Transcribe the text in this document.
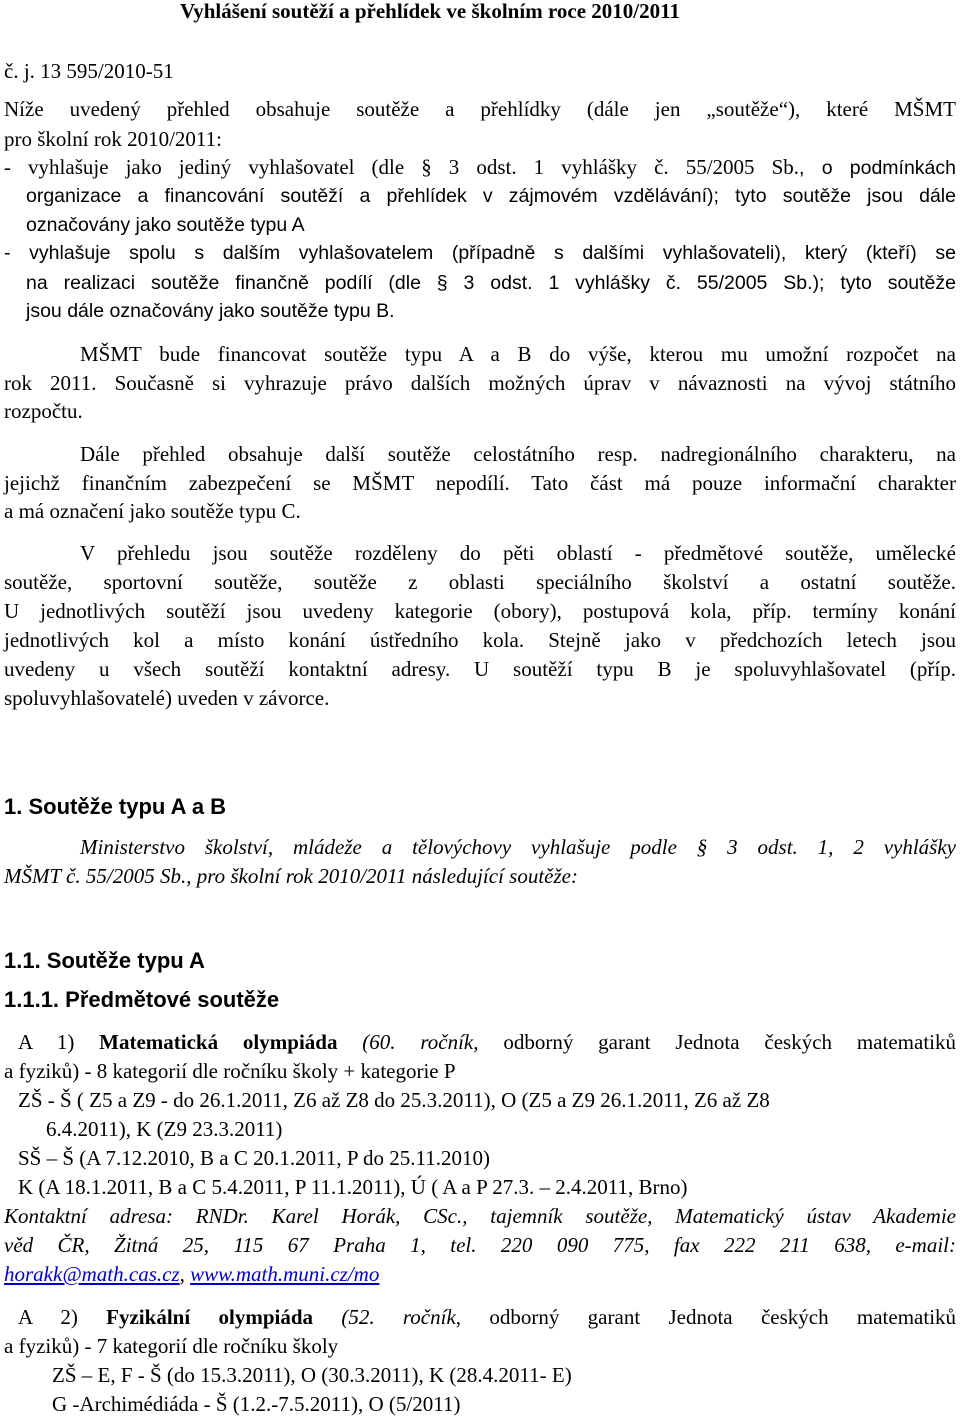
Vyhlášení soutěží a přehlídek ve školním roce 2010/2011
č. j. 13 595/2010-51
Níže uvedený přehled obsahuje soutěže a přehlídky (dále jen „soutěže“), které MŠMT
pro školní rok 2010/2011:
- vyhlašuje jako jediný vyhlašovatel (dle § 3 odst. 1 vyhlášky č. 55/2005 Sb., o podmínkách
organizace a financování soutěží a přehlídek v zájmovém vzdělávání); tyto soutěže jsou dále
označovány jako soutěže typu A
- vyhlašuje spolu s dalším vyhlašovatelem (případně s dalšími vyhlašovateli), který (kteří) se
na realizaci soutěže finančně podílí (dle § 3 odst. 1 vyhlášky č. 55/2005 Sb.); tyto soutěže
jsou dále označovány jako soutěže typu B.
MŠMT bude financovat soutěže typu A a B do výše, kterou mu umožní rozpočet na
rok 2011. Současně si vyhrazuje právo dalších možných úprav v návaznosti na vývoj státního
rozpočtu.
Dále přehled obsahuje další soutěže celostátního resp. nadregionálního charakteru, na
jejichž finančním zabezpečení se MŠMT nepodílí. Tato část má pouze informační charakter
a má označení jako soutěže typu C.
V přehledu jsou soutěže rozděleny do pěti oblastí - předmětové soutěže, umělecké
soutěže, sportovní soutěže, soutěže z oblasti speciálního školství a ostatní soutěže.
U jednotlivých soutěží jsou uvedeny kategorie (obory), postupová kola, příp. termíny konání
jednotlivých kol a místo konání ústředního kola. Stejně jako v předchozích letech jsou
uvedeny u všech soutěží kontaktní adresy. U soutěží typu B je spoluvyhlašovatel (příp.
spoluvyhlašovatelé) uveden v závorce.
1. Soutěže typu A a B
Ministerstvo školství, mládeže a tělovýchovy vyhlašuje podle § 3 odst. 1, 2 vyhlášky
MŠMT č. 55/2005 Sb., pro školní rok 2010/2011 následující soutěže:
1.1. Soutěže typu A
1.1.1. Předmětové soutěže
A 1) Matematická olympiáda (60. ročník, odborný garant Jednota českých matematiků
a fyziků) - 8 kategorií dle ročníku školy + kategorie P
ZŠ - Š ( Z5 a Z9 - do 26.1.2011, Z6 až Z8 do 25.3.2011), O (Z5 a Z9 26.1.2011, Z6 až Z8
6.4.2011), K (Z9 23.3.2011)
SŠ – Š (A 7.12.2010, B a C 20.1.2011, P do 25.11.2010)
K (A 18.1.2011, B a C 5.4.2011, P 11.1.2011), Ú ( A a P 27.3. – 2.4.2011, Brno)
Kontaktní adresa: RNDr. Karel Horák, CSc., tajemník soutěže, Matematický ústav Akademie
věd ČR, Žitná 25, 115 67 Praha 1, tel. 220 090 775, fax 222 211 638, e-mail:
horakk@math.cas.cz, www.math.muni.cz/mo
A 2) Fyzikální olympiáda (52. ročník, odborný garant Jednota českých matematiků
a fyziků) - 7 kategorií dle ročníku školy
ZŠ – E, F - Š (do 15.3.2011), O (30.3.2011), K (28.4.2011- E)
G -Archimédiáda - Š (1.2.-7.5.2011), O (5/2011)
